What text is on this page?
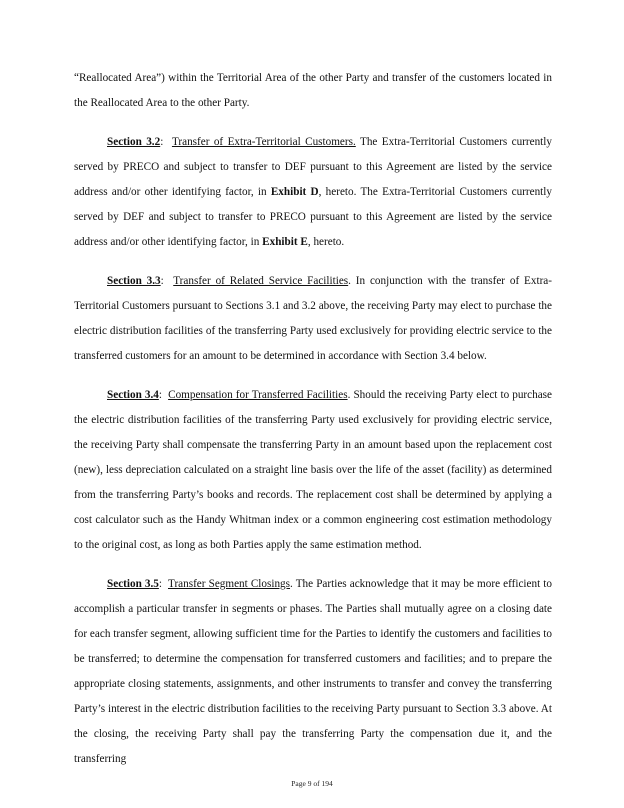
“Reallocated Area”) within the Territorial Area of the other Party and transfer of the customers located in the Reallocated Area to the other Party.

Section 3.2:  Transfer of Extra-Territorial Customers. The Extra-Territorial Customers currently served by PRECO and subject to transfer to DEF pursuant to this Agreement are listed by the service address and/or other identifying factor, in Exhibit D, hereto. The Extra-Territorial Customers currently served by DEF and subject to transfer to PRECO pursuant to this Agreement are listed by the service address and/or other identifying factor, in Exhibit E, hereto.

Section 3.3:  Transfer of Related Service Facilities. In conjunction with the transfer of Extra-Territorial Customers pursuant to Sections 3.1 and 3.2 above, the receiving Party may elect to purchase the electric distribution facilities of the transferring Party used exclusively for providing electric service to the transferred customers for an amount to be determined in accordance with Section 3.4 below.

Section 3.4:  Compensation for Transferred Facilities. Should the receiving Party elect to purchase the electric distribution facilities of the transferring Party used exclusively for providing electric service, the receiving Party shall compensate the transferring Party in an amount based upon the replacement cost (new), less depreciation calculated on a straight line basis over the life of the asset (facility) as determined from the transferring Party’s books and records. The replacement cost shall be determined by applying a cost calculator such as the Handy Whitman index or a common engineering cost estimation methodology to the original cost, as long as both Parties apply the same estimation method.

Section 3.5:  Transfer Segment Closings. The Parties acknowledge that it may be more efficient to accomplish a particular transfer in segments or phases. The Parties shall mutually agree on a closing date for each transfer segment, allowing sufficient time for the Parties to identify the customers and facilities to be transferred; to determine the compensation for transferred customers and facilities; and to prepare the appropriate closing statements, assignments, and other instruments to transfer and convey the transferring Party’s interest in the electric distribution facilities to the receiving Party pursuant to Section 3.3 above. At the closing, the receiving Party shall pay the transferring Party the compensation due it, and the transferring

Page 9 of 194
